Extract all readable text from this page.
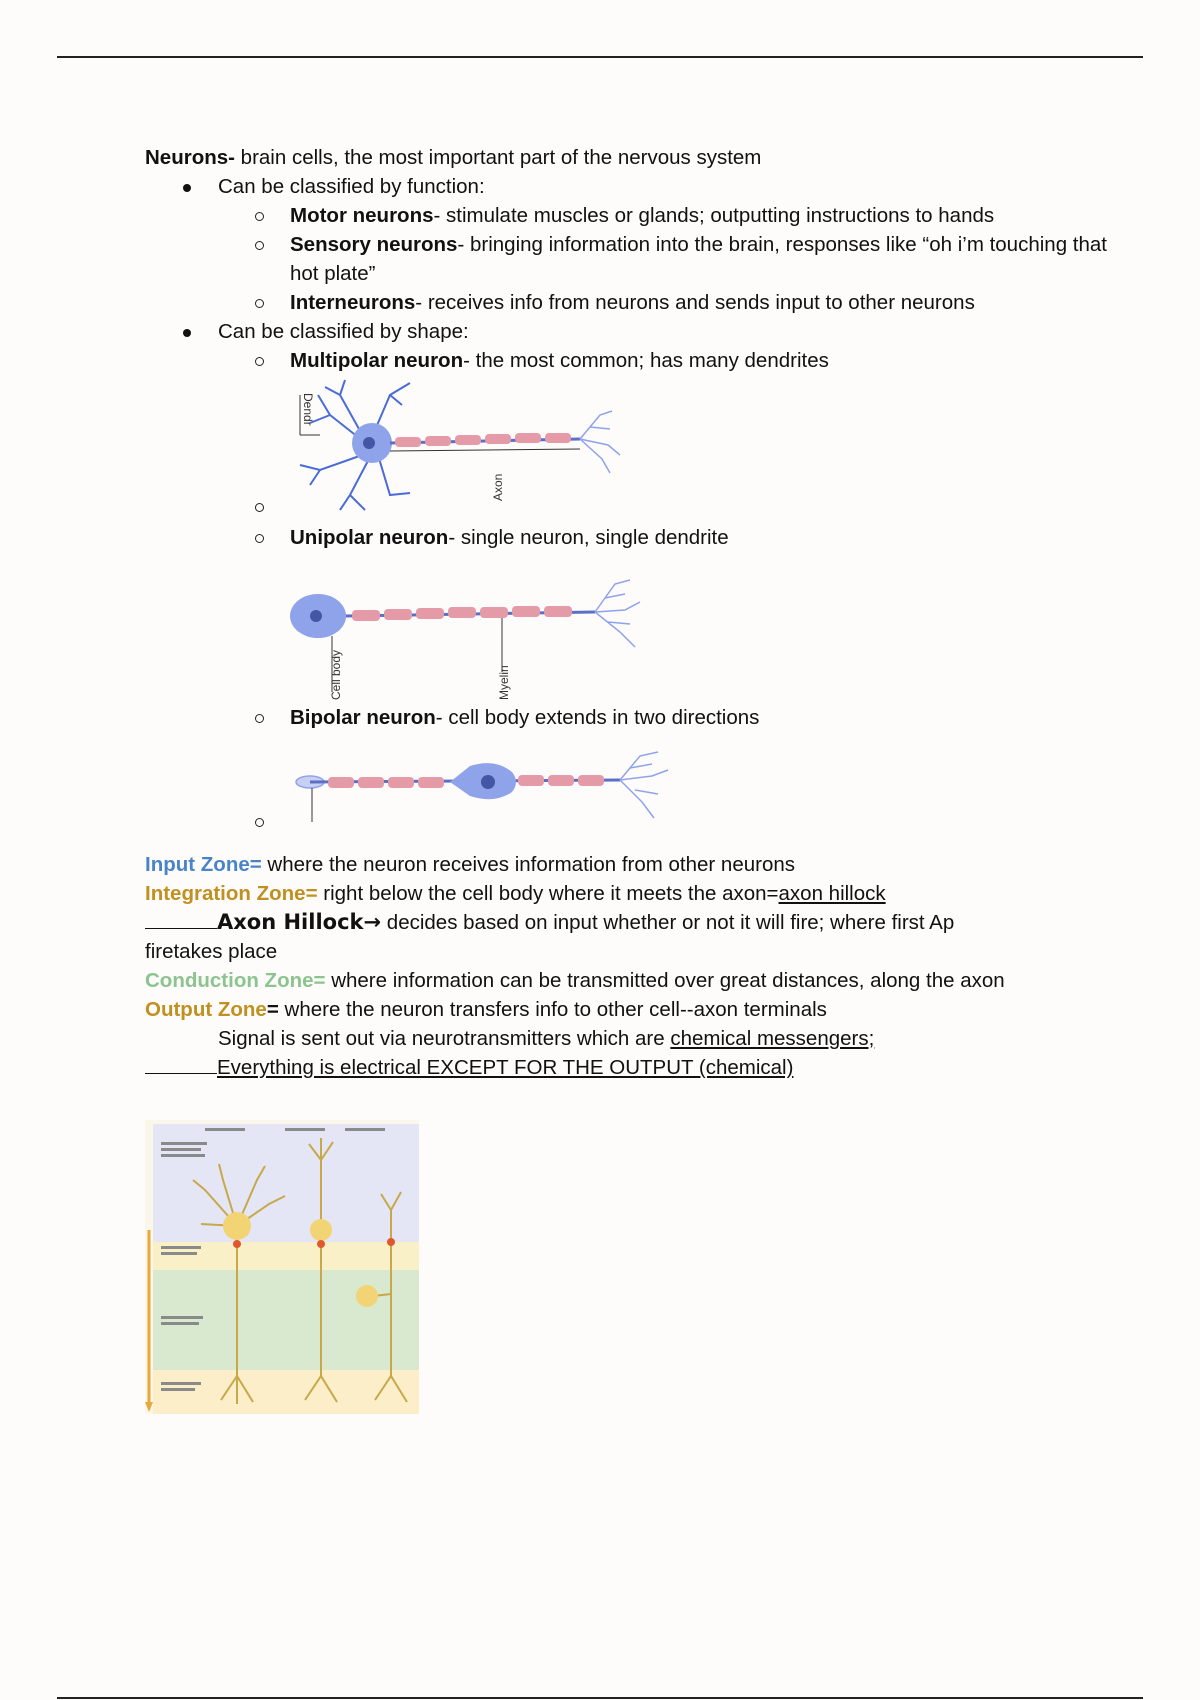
Neurons- brain cells, the most important part of the nervous system
Can be classified by function:
Motor neurons- stimulate muscles or glands; outputting instructions to hands
Sensory neurons- bringing information into the brain, responses like “oh i’m touching that hot plate”
Interneurons- receives info from neurons and sends input to other neurons
Can be classified by shape:
Multipolar neuron- the most common; has many dendrites
Dendr
Axon
Unipolar neuron- single neuron, single dendrite
Cell body	Myelin
Bipolar neuron- cell body extends in two directions
Input Zone= where the neuron receives information from other neurons
Integration Zone= right below the cell body where it meets the axon=axon hillock
Axon Hillock→ decides based on input whether or not it will fire; where first Ap
firetakes place
Conduction Zone= where information can be transmitted over great distances, along the axon
Output Zone= where the neuron transfers info to other cell--axon terminals
Signal is sent out via neurotransmitters which are chemical messengers;
Everything is electrical EXCEPT FOR THE OUTPUT (chemical)
